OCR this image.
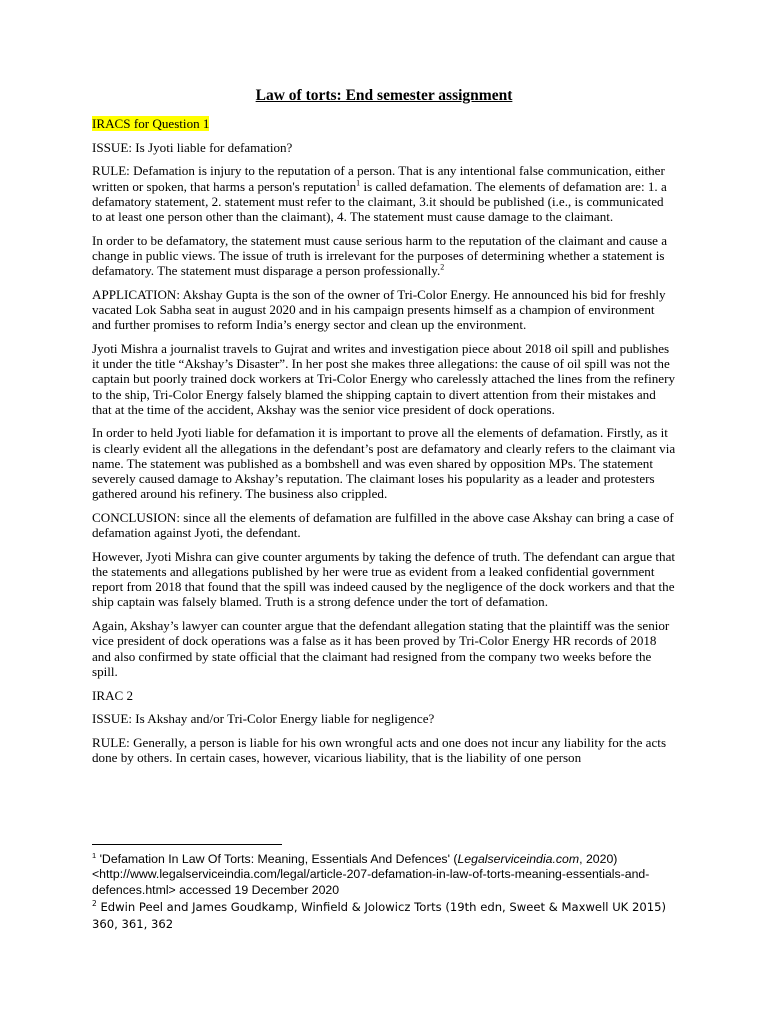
Law of torts: End semester assignment

IRACS for Question 1

ISSUE: Is Jyoti liable for defamation?

RULE: Defamation is injury to the reputation of a person. That is any intentional false communication, either written or spoken, that harms a person's reputation$^1$ is called defamation. The elements of defamation are: 1. a defamatory statement, 2. statement must refer to the claimant, 3.it should be published (i.e., is communicated to at least one person other than the claimant), 4. The statement must cause damage to the claimant.

In order to be defamatory, the statement must cause serious harm to the reputation of the claimant and cause a change in public views. The issue of truth is irrelevant for the purposes of determining whether a statement is defamatory. The statement must disparage a person professionally.$^2$

APPLICATION: Akshay Gupta is the son of the owner of Tri-Color Energy. He announced his bid for freshly vacated Lok Sabha seat in august 2020 and in his campaign presents himself as a champion of environment and further promises to reform India’s energy sector and clean up the environment.

Jyoti Mishra a journalist travels to Gujrat and writes and investigation piece about 2018 oil spill and publishes it under the title “Akshay’s Disaster”. In her post she makes three allegations: the cause of oil spill was not the captain but poorly trained dock workers at Tri-Color Energy who carelessly attached the lines from the refinery to the ship, Tri-Color Energy falsely blamed the shipping captain to divert attention from their mistakes and that at the time of the accident, Akshay was the senior vice president of dock operations.

In order to held Jyoti liable for defamation it is important to prove all the elements of defamation. Firstly, as it is clearly evident all the allegations in the defendant’s post are defamatory and clearly refers to the claimant via name. The statement was published as a bombshell and was even shared by opposition MPs. The statement severely caused damage to Akshay’s reputation. The claimant loses his popularity as a leader and protesters gathered around his refinery. The business also crippled.

CONCLUSION: since all the elements of defamation are fulfilled in the above case Akshay can bring a case of defamation against Jyoti, the defendant.

However, Jyoti Mishra can give counter arguments by taking the defence of truth. The defendant can argue that the statements and allegations published by her were true as evident from a leaked confidential government report from 2018 that found that the spill was indeed caused by the negligence of the dock workers and that the ship captain was falsely blamed. Truth is a strong defence under the tort of defamation.

Again, Akshay’s lawyer can counter argue that the defendant allegation stating that the plaintiff was the senior vice president of dock operations was a false as it has been proved by Tri-Color Energy HR records of 2018 and also confirmed by state official that the claimant had resigned from the company two weeks before the spill.

IRAC 2

ISSUE: Is Akshay and/or Tri-Color Energy liable for negligence?

RULE: Generally, a person is liable for his own wrongful acts and one does not incur any liability for the acts done by others. In certain cases, however, vicarious liability, that is the liability of one person

$^1$ 'Defamation In Law Of Torts: Meaning, Essentials And Defences' (Legalserviceindia.com, 2020) <http://www.legalserviceindia.com/legal/article-207-defamation-in-law-of-torts-meaning-essentials-and-defences.html> accessed 19 December 2020
$^2$ Edwin Peel and James Goudkamp, Winfield & Jolowicz Torts (19th edn, Sweet & Maxwell UK 2015) 360, 361, 362
